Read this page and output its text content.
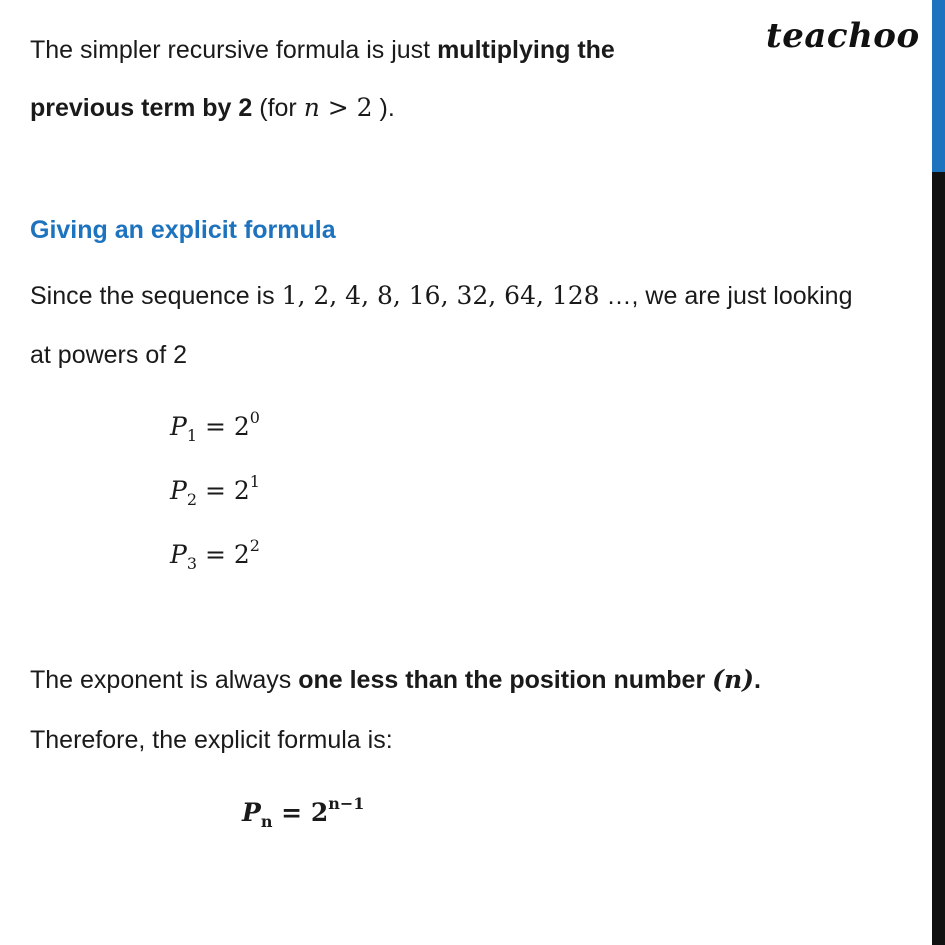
teachoo
The simpler recursive formula is just multiplying the
previous term by 2 (for n > 2 ).
Giving an explicit formula
Since the sequence is 1, 2, 4, 8, 16, 32, 64, 128 …, we are just looking
at powers of 2
$P_1 = 2^0$
$P_2 = 2^1$
$P_3 = 2^2$
The exponent is always one less than the position number (n).
Therefore, the explicit formula is:
$P_n = 2^{n-1}$
